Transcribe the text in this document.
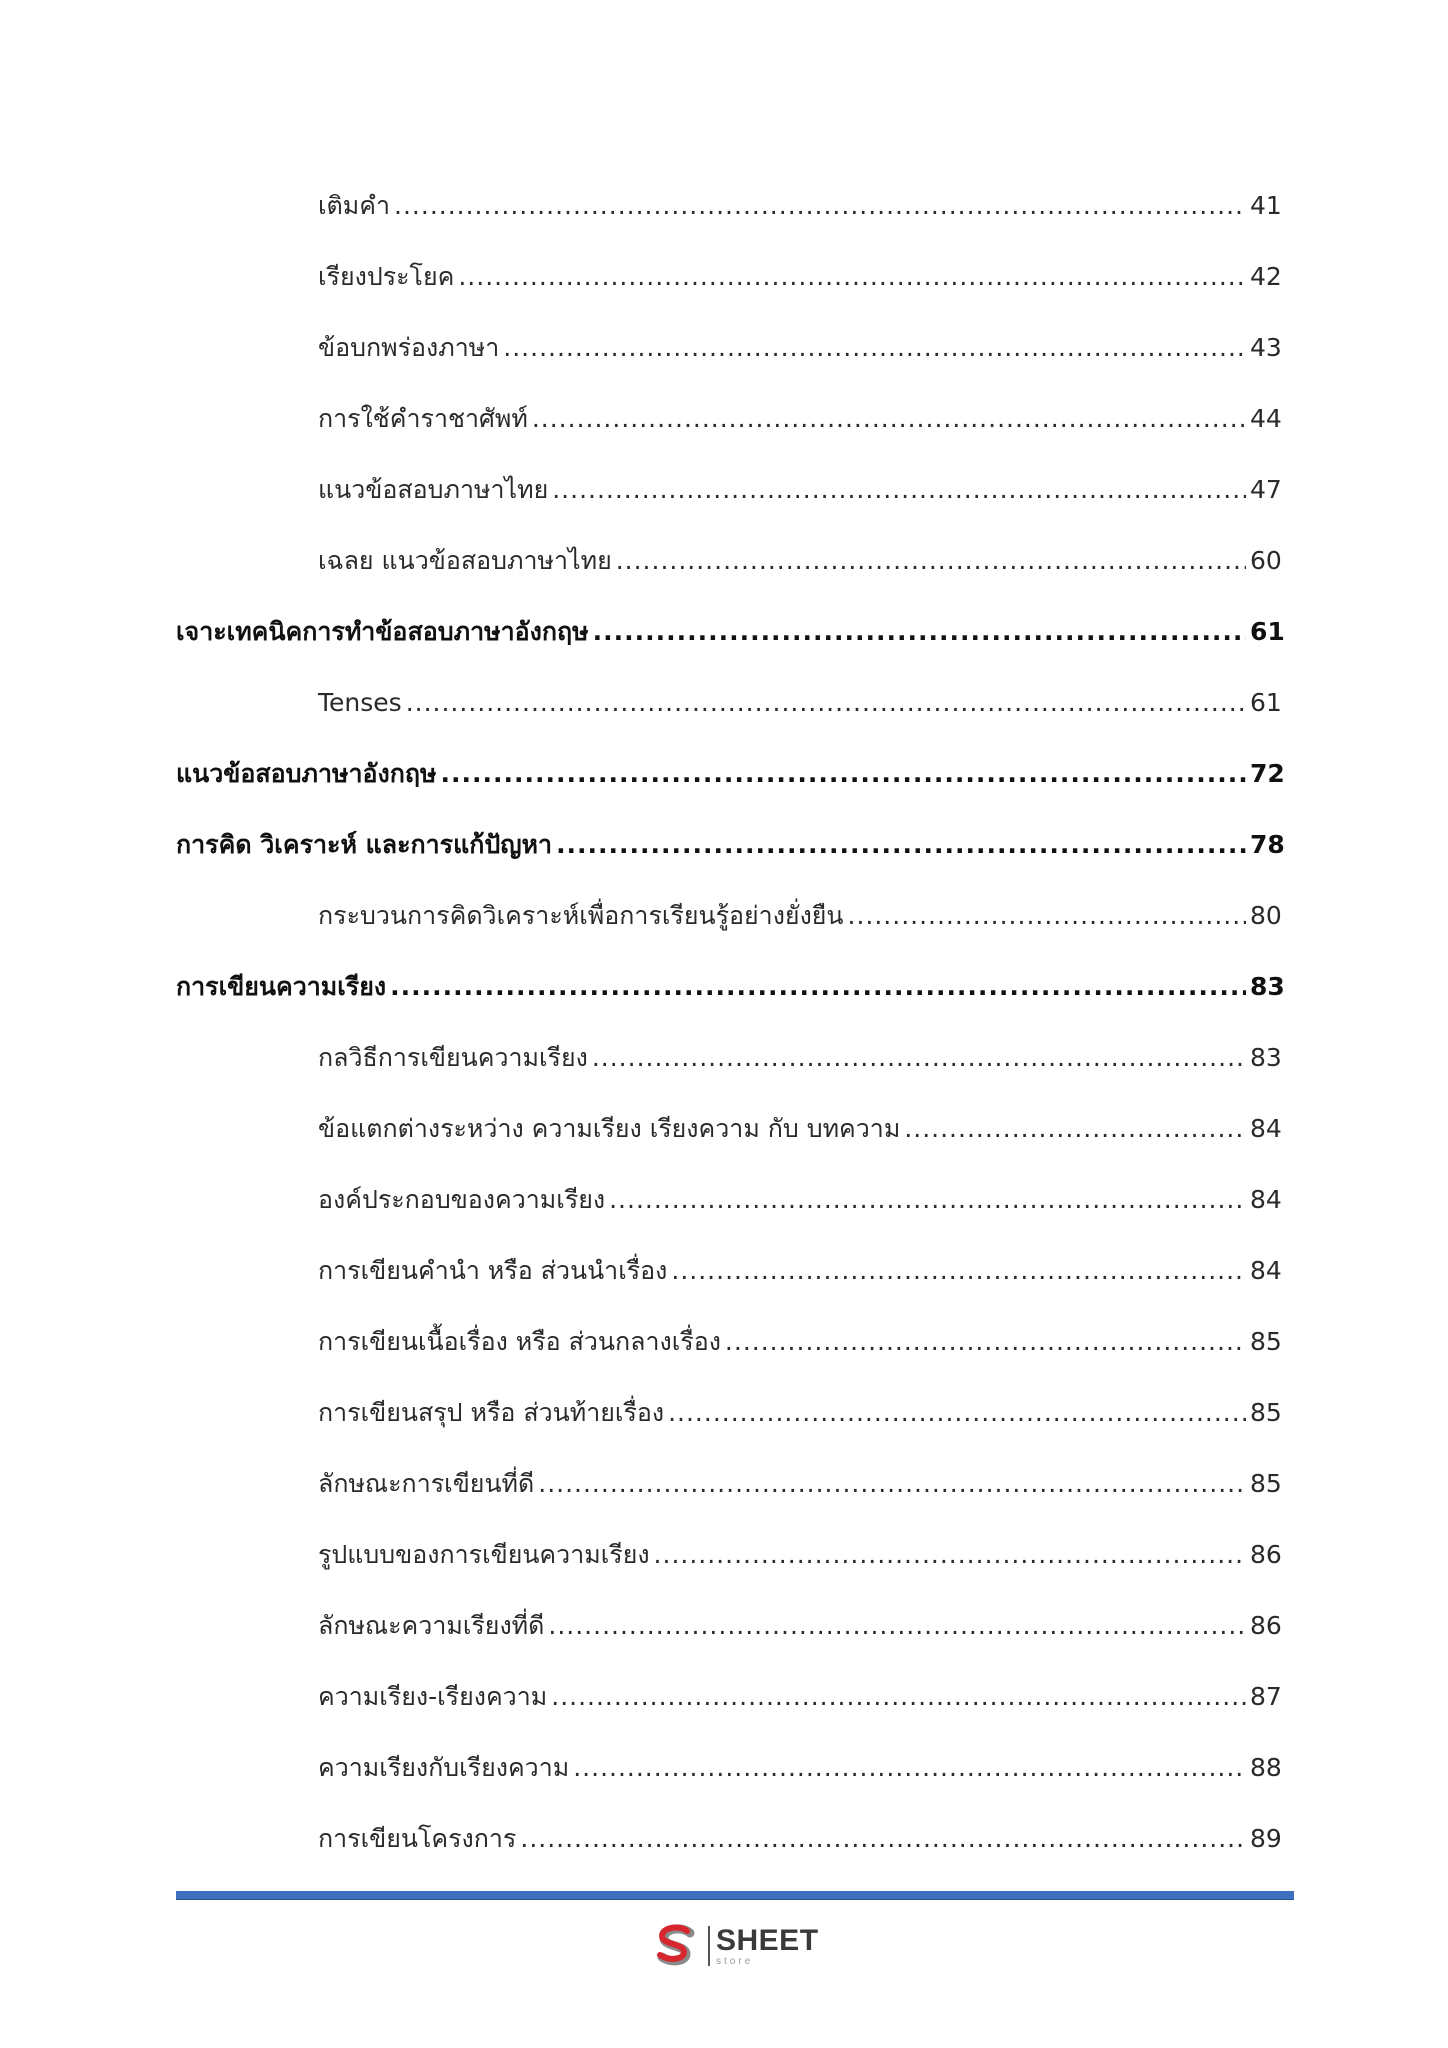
เติมคำ .....	41
เรียงประโยค .....	42
ข้อบกพร่องภาษา .....	43
การใช้คำราชาศัพท์ .....	44
แนวข้อสอบภาษาไทย .....	47
เฉลย แนวข้อสอบภาษาไทย .....	60
เจาะเทคนิคการทำข้อสอบภาษาอังกฤษ .....	61
Tenses .....	61
แนวข้อสอบภาษาอังกฤษ .....	72
การคิด วิเคราะห์ และการแก้ปัญหา .....	78
กระบวนการคิดวิเคราะห์เพื่อการเรียนรู้อย่างยั่งยืน .....	80
การเขียนความเรียง .....	83
กลวิธีการเขียนความเรียง .....	83
ข้อแตกต่างระหว่าง ความเรียง เรียงความ กับ บทความ .....	84
องค์ประกอบของความเรียง .....	84
การเขียนคำนำ หรือ ส่วนนำเรื่อง .....	84
การเขียนเนื้อเรื่อง หรือ ส่วนกลางเรื่อง .....	85
การเขียนสรุป หรือ ส่วนท้ายเรื่อง .....	85
ลักษณะการเขียนที่ดี .....	85
รูปแบบของการเขียนความเรียง .....	86
ลักษณะความเรียงที่ดี .....	86
ความเรียง-เรียงความ .....	87
ความเรียงกับเรียงความ .....	88
การเขียนโครงการ .....	89
SHEET
store
